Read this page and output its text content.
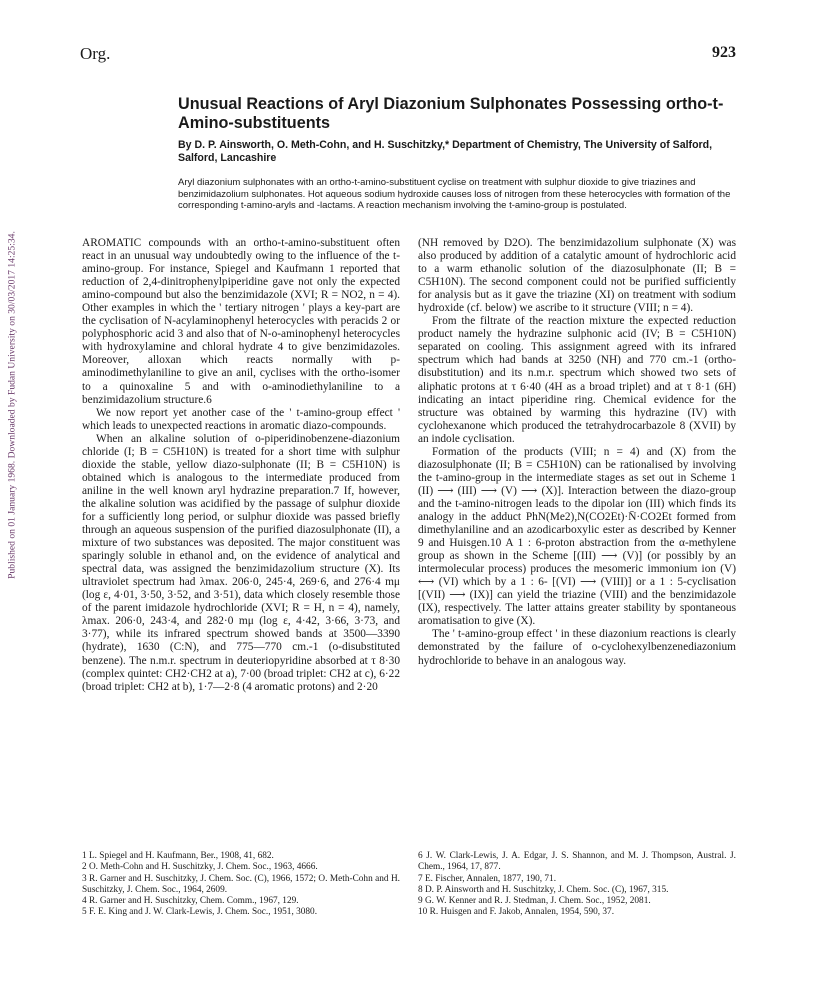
Org.	923
Published on 01 January 1968. Downloaded by Fudan University on 30/03/2017 14:25:34.
Unusual Reactions of Aryl Diazonium Sulphonates Possessing ortho-t-Amino-substituents
By D. P. Ainsworth, O. Meth-Cohn, and H. Suschitzky,* Department of Chemistry, The University of Salford, Salford, Lancashire
Aryl diazonium sulphonates with an ortho-t-amino-substituent cyclise on treatment with sulphur dioxide to give triazines and benzimidazolium sulphonates. Hot aqueous sodium hydroxide causes loss of nitrogen from these heterocycles with formation of the corresponding t-amino-aryls and -lactams. A reaction mechanism involving the t-amino-group is postulated.

AROMATIC compounds with an ortho-t-amino-substituent often react in an unusual way undoubtedly owing to the influence of the t-amino-group. For instance, Spiegel and Kaufmann 1 reported that reduction of 2,4-dinitrophenylpiperidine gave not only the expected amino-compound but also the benzimidazole (XVI; R = NO2, n = 4). Other examples in which the ' tertiary nitrogen ' plays a key-part are the cyclisation of N-acylaminophenyl heterocycles with peracids 2 or polyphosphoric acid 3 and also that of N-o-aminophenyl heterocycles with hydroxylamine and chloral hydrate 4 to give benzimidazoles. Moreover, alloxan which reacts normally with p-aminodimethylaniline to give an anil, cyclises with the ortho-isomer to a quinoxaline 5 and with o-aminodiethylaniline to a benzimidazolium structure.6

We now report yet another case of the ' t-amino-group effect ' which leads to unexpected reactions in aromatic diazo-compounds.

When an alkaline solution of o-piperidinobenzene-diazonium chloride (I; B = C5H10N) is treated for a short time with sulphur dioxide the stable, yellow diazo-sulphonate (II; B = C5H10N) is obtained which is analogous to the intermediate produced from aniline in the well known aryl hydrazine preparation.7 If, however, the alkaline solution was acidified by the passage of sulphur dioxide for a sufficiently long period, or sulphur dioxide was passed briefly through an aqueous suspension of the purified diazosulphonate (II), a mixture of two substances was deposited. The major constituent was sparingly soluble in ethanol and, on the evidence of analytical and spectral data, was assigned the benzimidazolium structure (X). Its ultraviolet spectrum had λmax. 206·0, 245·4, 269·6, and 276·4 mμ (log ε, 4·01, 3·50, 3·52, and 3·51), data which closely resemble those of the parent imidazole hydrochloride (XVI; R = H, n = 4), namely, λmax. 206·0, 243·4, and 282·0 mμ (log ε, 4·42, 3·66, 3·73, and 3·77), while its infrared spectrum showed bands at 3500—3390 (hydrate), 1630 (C:N), and 775—770 cm.-1 (o-disubstituted benzene). The n.m.r. spectrum in deuteriopyridine absorbed at τ 8·30 (complex quintet: CH2·CH2 at a), 7·00 (broad triplet: CH2 at c), 6·22 (broad triplet: CH2 at b), 1·7—2·8 (4 aromatic protons) and 2·20

(NH removed by D2O). The benzimidazolium sulphonate (X) was also produced by addition of a catalytic amount of hydrochloric acid to a warm ethanolic solution of the diazosulphonate (II; B = C5H10N). The second component could not be purified sufficiently for analysis but as it gave the triazine (XI) on treatment with sodium hydroxide (cf. below) we ascribe to it structure (VIII; n = 4).

From the filtrate of the reaction mixture the expected reduction product namely the hydrazine sulphonic acid (IV; B = C5H10N) separated on cooling. This assignment agreed with its infrared spectrum which had bands at 3250 (NH) and 770 cm.-1 (ortho-disubstitution) and its n.m.r. spectrum which showed two sets of aliphatic protons at τ 6·40 (4H as a broad triplet) and at τ 8·1 (6H) indicating an intact piperidine ring. Chemical evidence for the structure was obtained by warming this hydrazine (IV) with cyclohexanone which produced the tetrahydrocarbazole 8 (XVII) by an indole cyclisation.

Formation of the products (VIII; n = 4) and (X) from the diazosulphonate (II; B = C5H10N) can be rationalised by involving the t-amino-group in the intermediate stages as set out in Scheme 1 (II) ⟶ (III) ⟶ (V) ⟶ (X)]. Interaction between the diazo-group and the t-amino-nitrogen leads to the dipolar ion (III) which finds its analogy in the adduct PhN(Me2),N(CO2Et)·N̄·CO2Et formed from dimethylaniline and an azodicarboxylic ester as described by Kenner 9 and Huisgen.10 A 1 : 6-proton abstraction from the α-methylene group as shown in the Scheme [(III) ⟶ (V)] (or possibly by an intermolecular process) produces the mesomeric immonium ion (V) ⟷ (VI) which by a 1 : 6- [(VI) ⟶ (VIII)] or a 1 : 5-cyclisation [(VII) ⟶ (IX)] can yield the triazine (VIII) and the benzimidazole (IX), respectively. The latter attains greater stability by spontaneous aromatisation to give (X).

The ' t-amino-group effect ' in these diazonium reactions is clearly demonstrated by the failure of o-cyclohexylbenzenediazonium hydrochloride to behave in an analogous way.

1 L. Spiegel and H. Kaufmann, Ber., 1908, 41, 682.

2 O. Meth-Cohn and H. Suschitzky, J. Chem. Soc., 1963, 4666.

3 R. Garner and H. Suschitzky, J. Chem. Soc. (C), 1966, 1572; O. Meth-Cohn and H. Suschitzky, J. Chem. Soc., 1964, 2609.

4 R. Garner and H. Suschitzky, Chem. Comm., 1967, 129.

5 F. E. King and J. W. Clark-Lewis, J. Chem. Soc., 1951, 3080.

6 J. W. Clark-Lewis, J. A. Edgar, J. S. Shannon, and M. J. Thompson, Austral. J. Chem., 1964, 17, 877.

7 E. Fischer, Annalen, 1877, 190, 71.

8 D. P. Ainsworth and H. Suschitzky, J. Chem. Soc. (C), 1967, 315.

9 G. W. Kenner and R. J. Stedman, J. Chem. Soc., 1952, 2081.

10 R. Huisgen and F. Jakob, Annalen, 1954, 590, 37.
